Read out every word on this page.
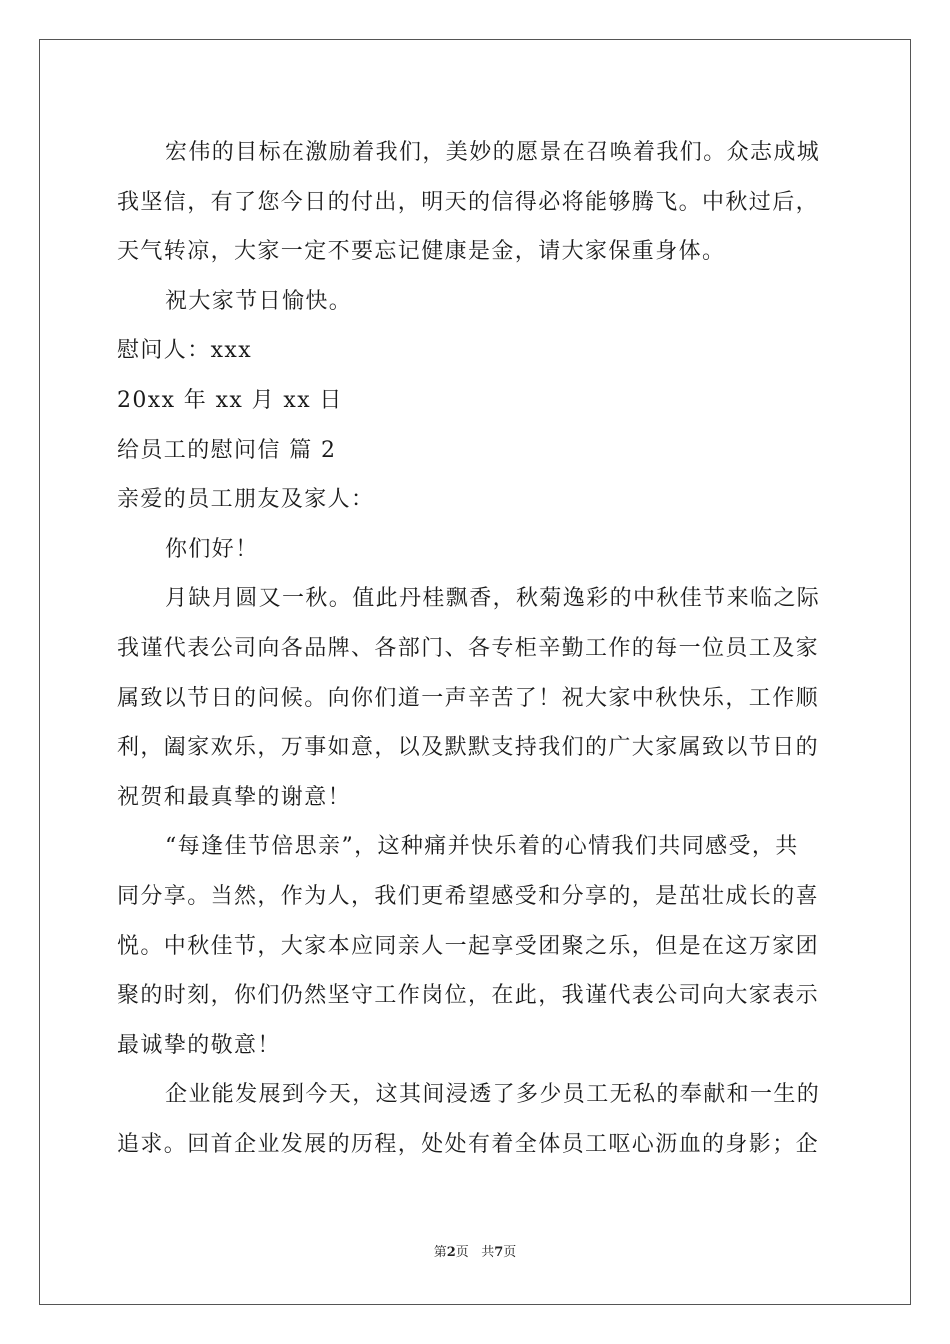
宏伟的目标在激励着我们，美妙的愿景在召唤着我们。众志成城
我坚信，有了您今日的付出，明天的信得必将能够腾飞。中秋过后，
天气转凉，大家一定不要忘记健康是金，请大家保重身体。
祝大家节日愉快。
慰问人：xxx
20xx 年 xx 月 xx 日
给员工的慰问信 篇 2
亲爱的员工朋友及家人：
你们好！
月缺月圆又一秋。值此丹桂飘香，秋菊逸彩的中秋佳节来临之际
我谨代表公司向各品牌、各部门、各专柜辛勤工作的每一位员工及家
属致以节日的问候。向你们道一声辛苦了！祝大家中秋快乐，工作顺
利，阖家欢乐，万事如意，以及默默支持我们的广大家属致以节日的
祝贺和最真挚的谢意！
“每逢佳节倍思亲”，这种痛并快乐着的心情我们共同感受，共
同分享。当然，作为人，我们更希望感受和分享的，是茁壮成长的喜
悦。中秋佳节，大家本应同亲人一起享受团聚之乐，但是在这万家团
聚的时刻，你们仍然坚守工作岗位，在此，我谨代表公司向大家表示
最诚挚的敬意！
企业能发展到今天，这其间浸透了多少员工无私的奉献和一生的
追求。回首企业发展的历程，处处有着全体员工呕心沥血的身影；企
第2页 共7页
